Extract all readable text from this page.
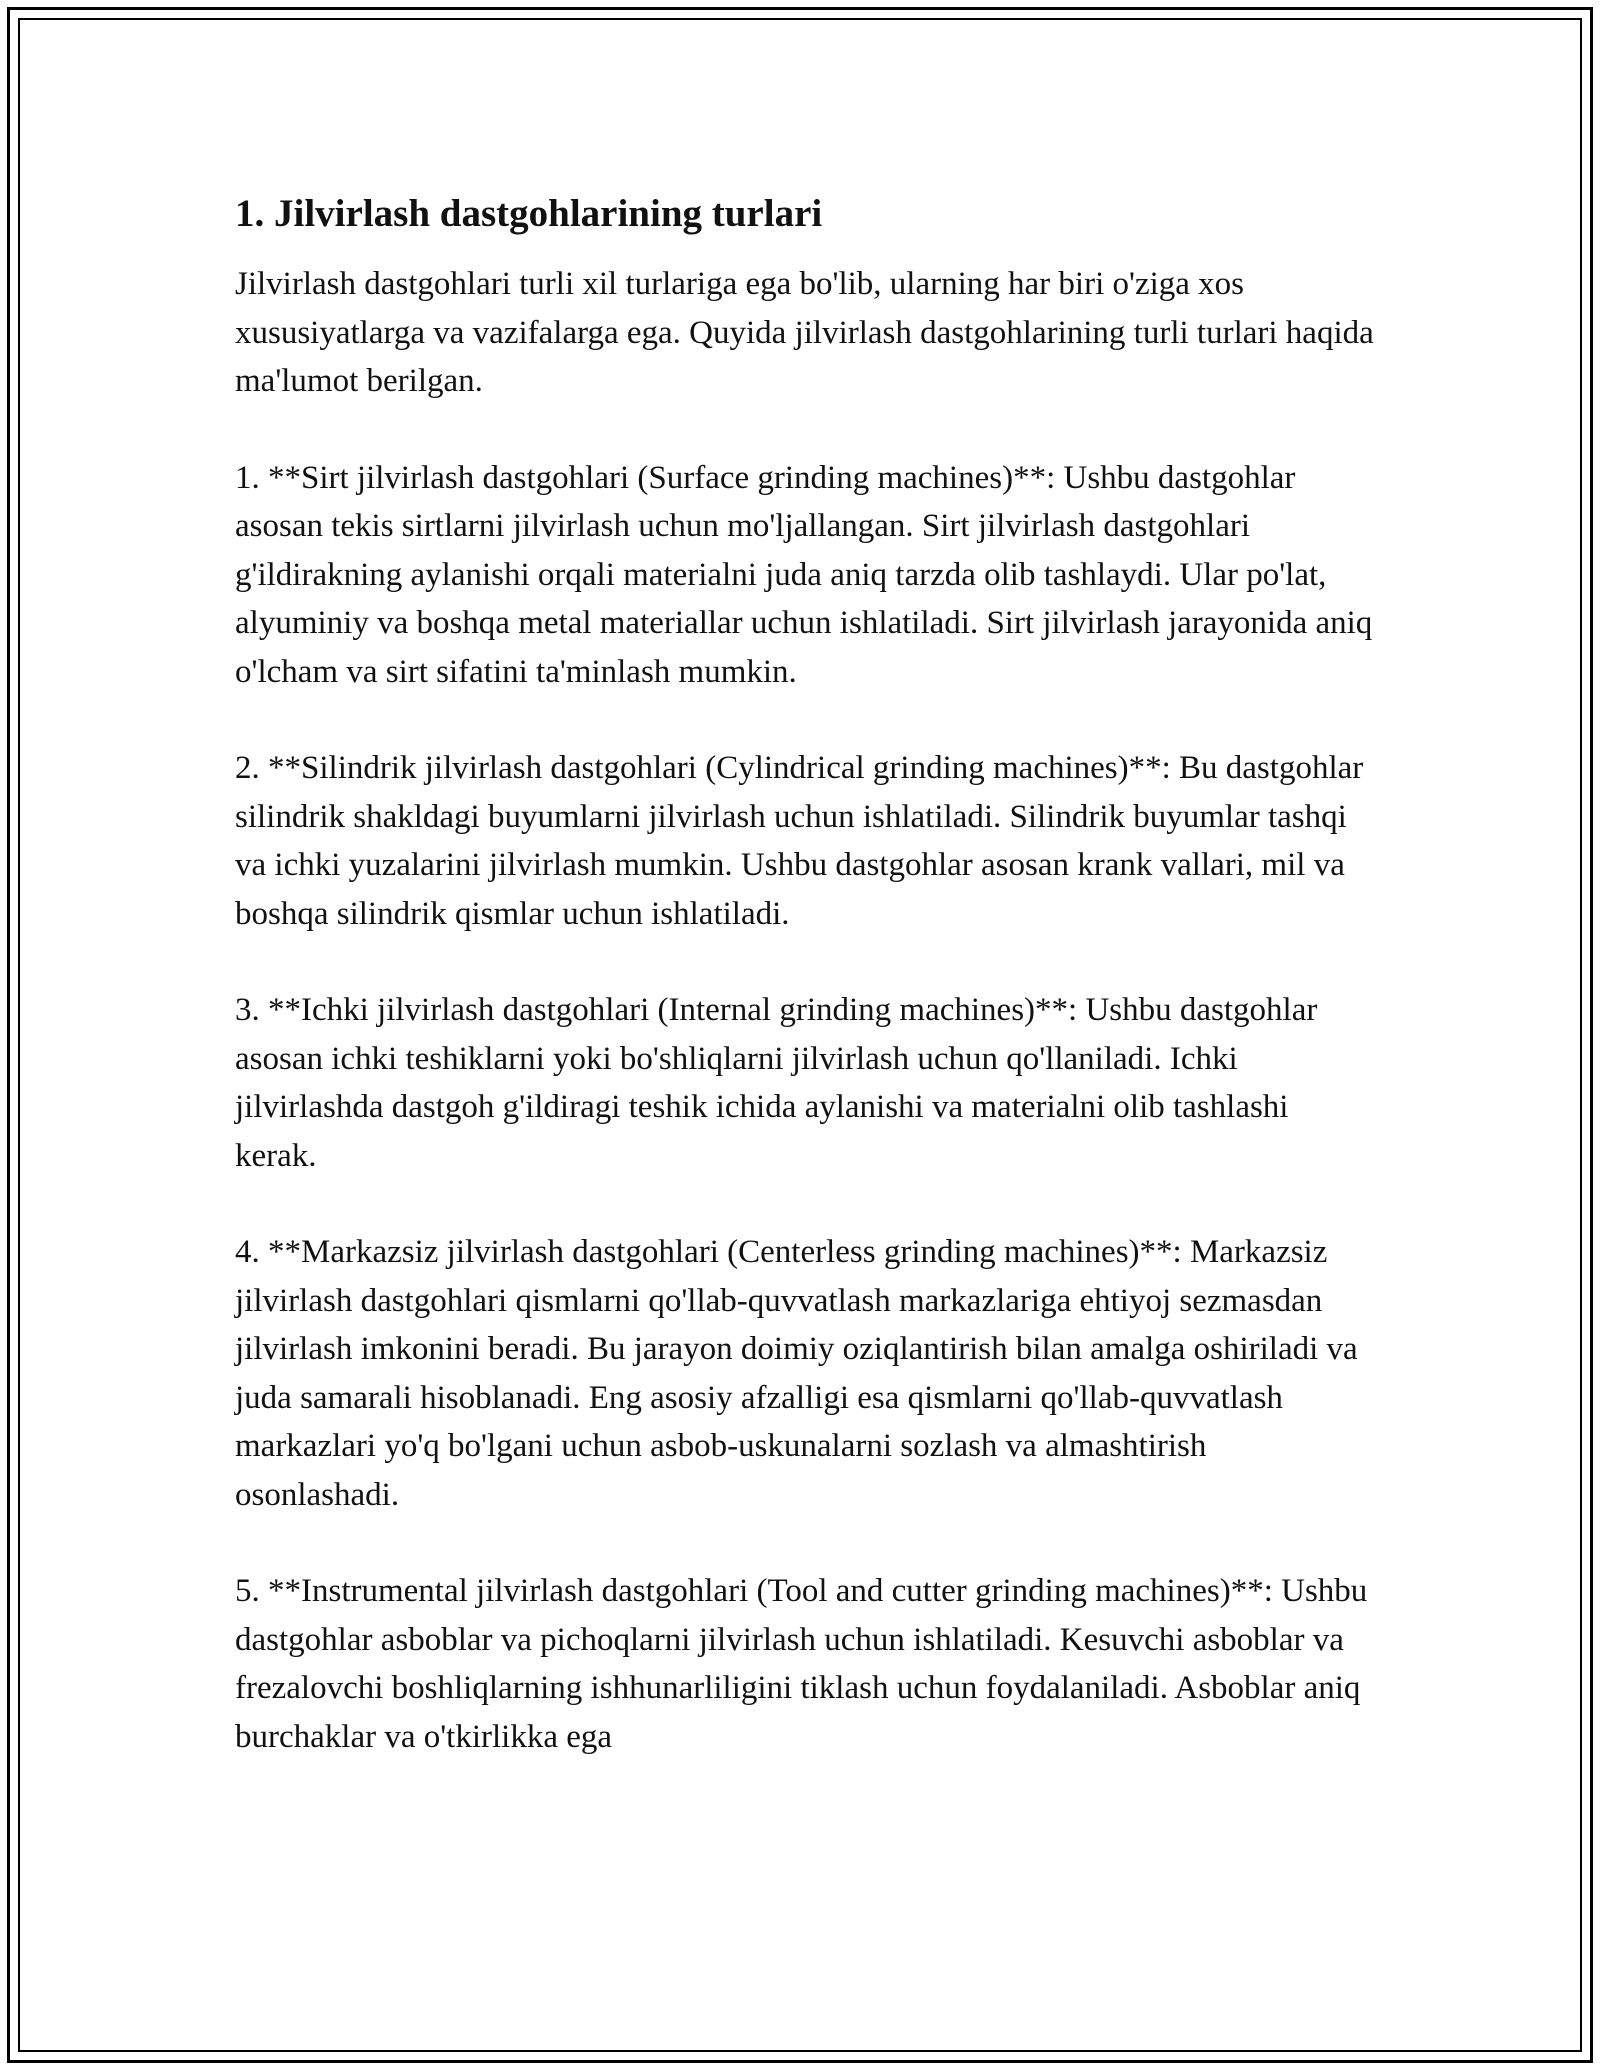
1. Jilvirlash dastgohlarining turlari

Jilvirlash dastgohlari turli xil turlariga ega bo'lib, ularning har biri o'ziga xos xususiyatlarga va vazifalarga ega. Quyida jilvirlash dastgohlarining turli turlari haqida ma'lumot berilgan.

1. **Sirt jilvirlash dastgohlari (Surface grinding machines)**: Ushbu dastgohlar asosan tekis sirtlarni jilvirlash uchun mo'ljallangan. Sirt jilvirlash dastgohlari g'ildirakning aylanishi orqali materialni juda aniq tarzda olib tashlaydi. Ular po'lat, alyuminiy va boshqa metal materiallar uchun ishlatiladi. Sirt jilvirlash jarayonida aniq o'lcham va sirt sifatini ta'minlash mumkin.

2. **Silindrik jilvirlash dastgohlari (Cylindrical grinding machines)**: Bu dastgohlar silindrik shakldagi buyumlarni jilvirlash uchun ishlatiladi. Silindrik buyumlar tashqi va ichki yuzalarini jilvirlash mumkin. Ushbu dastgohlar asosan krank vallari, mil va boshqa silindrik qismlar uchun ishlatiladi.

3. **Ichki jilvirlash dastgohlari (Internal grinding machines)**: Ushbu dastgohlar asosan ichki teshiklarni yoki bo'shliqlarni jilvirlash uchun qo'llaniladi. Ichki jilvirlashda dastgoh g'ildiragi teshik ichida aylanishi va materialni olib tashlashi kerak.

4. **Markazsiz jilvirlash dastgohlari (Centerless grinding machines)**: Markazsiz jilvirlash dastgohlari qismlarni qo'llab-quvvatlash markazlariga ehtiyoj sezmasdan jilvirlash imkonini beradi. Bu jarayon doimiy oziqlantirish bilan amalga oshiriladi va juda samarali hisoblanadi. Eng asosiy afzalligi esa qismlarni qo'llab-quvvatlash markazlari yo'q bo'lgani uchun asbob-uskunalarni sozlash va almashtirish osonlashadi.

5. **Instrumental jilvirlash dastgohlari (Tool and cutter grinding machines)**: Ushbu dastgohlar asboblar va pichoqlarni jilvirlash uchun ishlatiladi. Kesuvchi asboblar va frezalovchi boshliqlarning ishhunarliligini tiklash uchun foydalaniladi. Asboblar aniq burchaklar va o'tkirlikka ega
